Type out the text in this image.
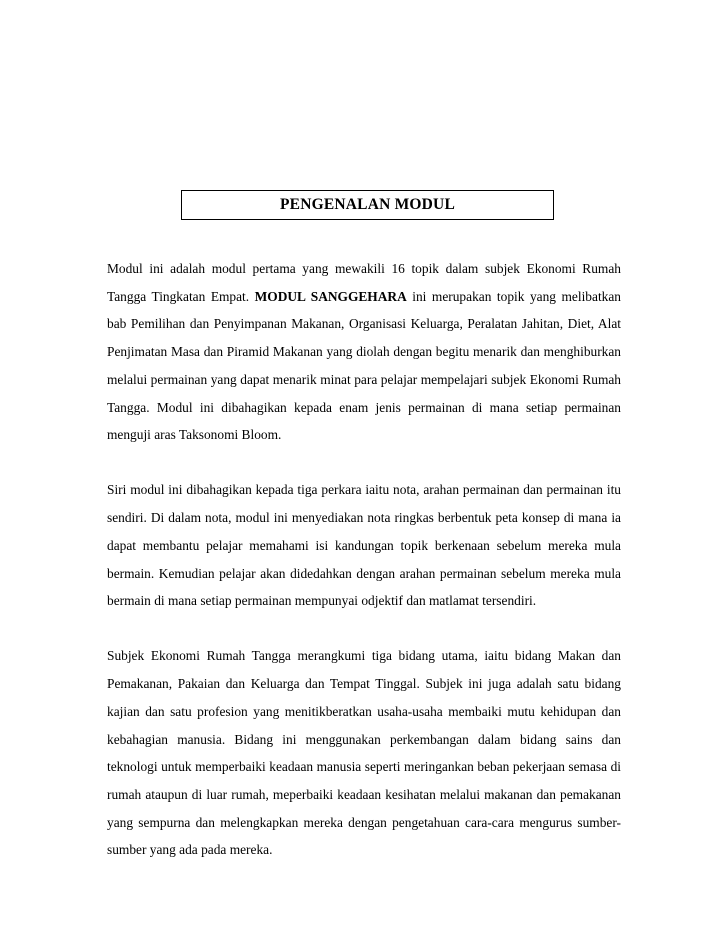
PENGENALAN MODUL

Modul ini adalah modul pertama yang mewakili 16 topik dalam subjek Ekonomi Rumah Tangga Tingkatan Empat. MODUL SANGGEHARA ini merupakan topik yang melibatkan bab Pemilihan dan Penyimpanan Makanan, Organisasi Keluarga, Peralatan Jahitan, Diet, Alat Penjimatan Masa dan Piramid Makanan yang diolah dengan begitu menarik dan menghiburkan melalui permainan yang dapat menarik minat para pelajar mempelajari subjek Ekonomi Rumah Tangga. Modul ini dibahagikan kepada enam jenis permainan di mana setiap permainan menguji aras Taksonomi Bloom.

Siri modul ini dibahagikan kepada tiga perkara iaitu nota, arahan permainan dan permainan itu sendiri. Di dalam nota, modul ini menyediakan nota ringkas berbentuk peta konsep di mana ia dapat membantu pelajar memahami isi kandungan topik berkenaan sebelum mereka mula bermain. Kemudian pelajar akan didedahkan dengan arahan permainan sebelum mereka mula bermain di mana setiap permainan mempunyai odjektif dan matlamat tersendiri.

Subjek Ekonomi Rumah Tangga merangkumi tiga bidang utama, iaitu bidang Makan dan Pemakanan, Pakaian dan Keluarga dan Tempat Tinggal. Subjek ini juga adalah satu bidang kajian dan satu profesion yang menitikberatkan usaha-usaha membaiki mutu kehidupan dan kebahagian manusia. Bidang ini menggunakan perkembangan dalam bidang sains dan teknologi untuk memperbaiki keadaan manusia seperti meringankan beban pekerjaan semasa di rumah ataupun di luar rumah, meperbaiki keadaan kesihatan melalui makanan dan pemakanan yang sempurna dan melengkapkan mereka dengan pengetahuan cara-cara mengurus sumber-sumber yang ada pada mereka.
